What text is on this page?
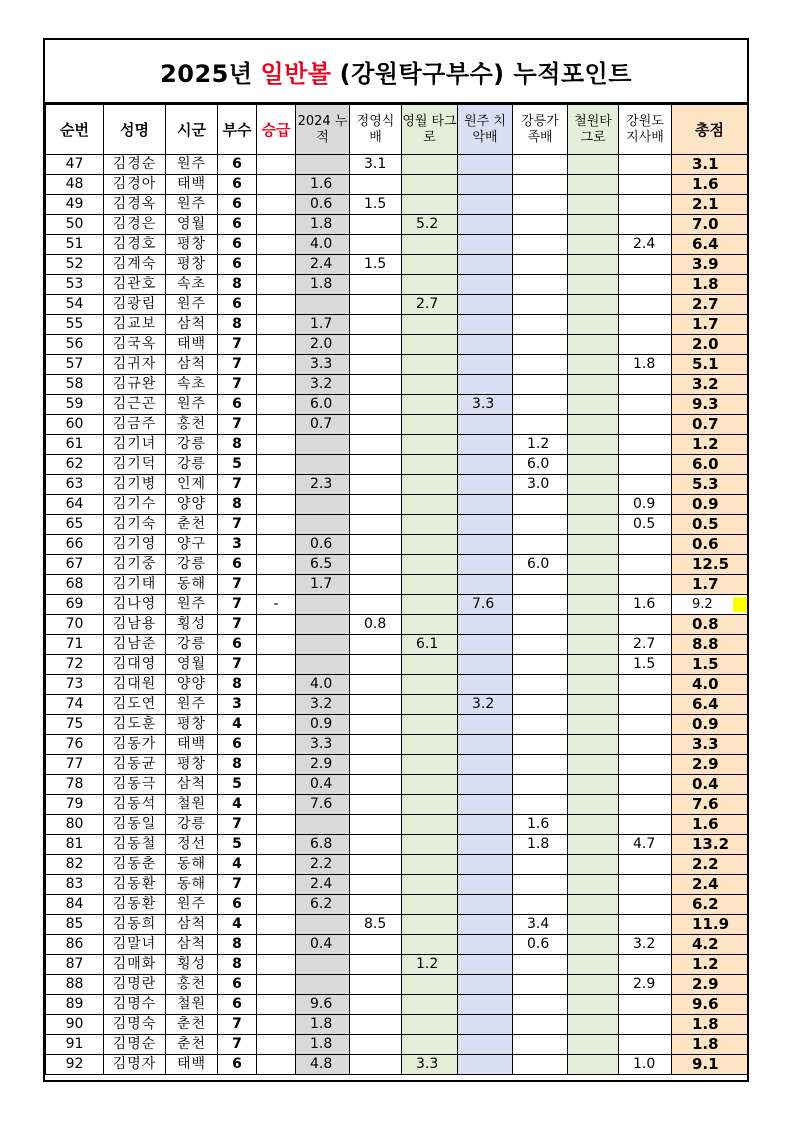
2025년 일반볼 (강원탁구부수) 누적포인트
순번	성명	시군	부수	승급	2024 누적	정영식 배	영월 타그로	원주 치악배	강릉가 족배	철원타 그로	강원도 지사배	총점
47	김경순	원주	6			3.1						3.1
48	김경아	태백	6		1.6							1.6
49	김경옥	원주	6		0.6	1.5						2.1
50	김경은	영월	6		1.8		5.2					7.0
51	김경호	평창	6		4.0						2.4	6.4
52	김계숙	평창	6		2.4	1.5						3.9
53	김관호	속초	8		1.8							1.8
54	김광림	원주	6				2.7					2.7
55	김교보	삼척	8		1.7							1.7
56	김국옥	태백	7		2.0							2.0
57	김귀자	삼척	7		3.3						1.8	5.1
58	김규완	속초	7		3.2							3.2
59	김근곤	원주	6		6.0			3.3				9.3
60	김금주	홍천	7		0.7							0.7
61	김기녀	강릉	8						1.2			1.2
62	김기덕	강릉	5						6.0			6.0
63	김기병	인제	7		2.3				3.0			5.3
64	김기수	양양	8								0.9	0.9
65	김기숙	춘천	7								0.5	0.5
66	김기영	양구	3		0.6							0.6
67	김기중	강릉	6		6.5				6.0			12.5
68	김기태	동해	7		1.7							1.7
69	김나영	원주	7	-				7.6			1.6	9.2
70	김남용	횡성	7			0.8						0.8
71	김남준	강릉	6				6.1				2.7	8.8
72	김대영	영월	7								1.5	1.5
73	김대원	양양	8		4.0							4.0
74	김도연	원주	3		3.2			3.2				6.4
75	김도훈	평창	4		0.9							0.9
76	김동가	태백	6		3.3							3.3
77	김동균	평창	8		2.9							2.9
78	김동극	삼척	5		0.4							0.4
79	김동석	철원	4		7.6							7.6
80	김동일	강릉	7						1.6			1.6
81	김동철	정선	5		6.8				1.8		4.7	13.2
82	김동춘	동해	4		2.2							2.2
83	김동환	동해	7		2.4							2.4
84	김동환	원주	6		6.2							6.2
85	김동희	삼척	4			8.5			3.4			11.9
86	김말녀	삼척	8		0.4				0.6		3.2	4.2
87	김매화	횡성	8				1.2					1.2
88	김명란	홍천	6								2.9	2.9
89	김명수	철원	6		9.6							9.6
90	김명숙	춘천	7		1.8							1.8
91	김명순	춘천	7		1.8							1.8
92	김명자	태백	6		4.8		3.3				1.0	9.1
